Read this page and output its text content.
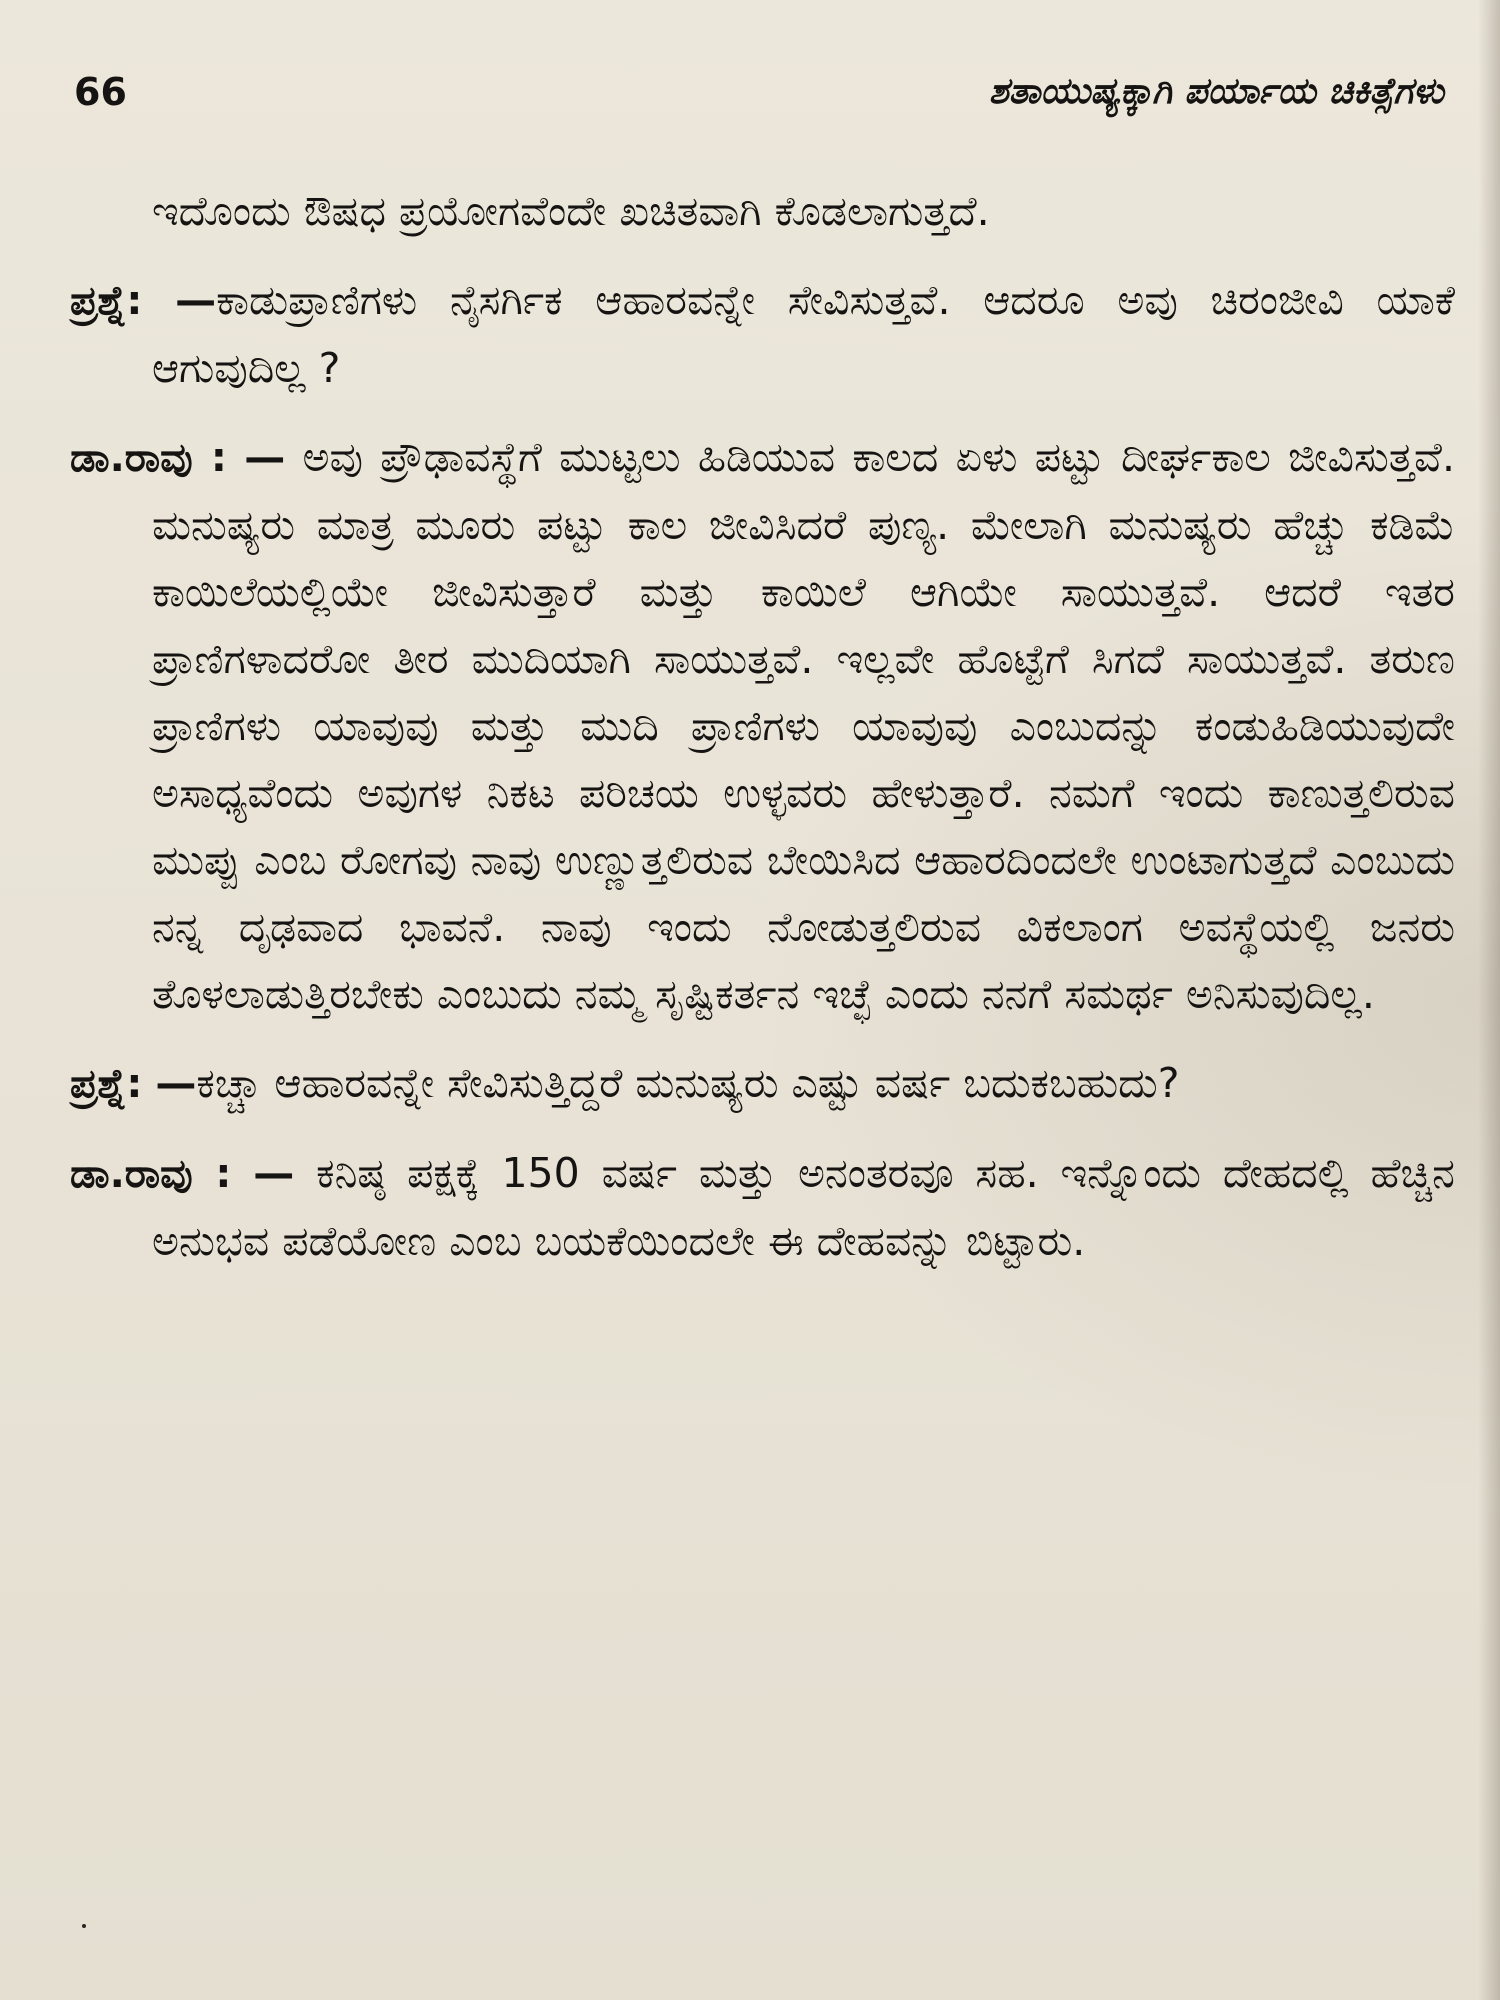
66	ಶತಾಯುಷ್ಯಕ್ಕಾಗಿ ಪರ್ಯಾಯ ಚಿಕಿತ್ಸೆಗಳು

ಇದೊಂದು ಔಷಧ ಪ್ರಯೋಗವೆಂದೇ ಖಚಿತವಾಗಿ ಕೊಡಲಾಗುತ್ತದೆ.

ಪ್ರಶ್ನೆ: —ಕಾಡುಪ್ರಾಣಿಗಳು ನೈಸರ್ಗಿಕ ಆಹಾರವನ್ನೇ ಸೇವಿಸುತ್ತವೆ. ಆದರೂ ಅವು ಚಿರಂಜೀವಿ ಯಾಕೆ ಆಗುವುದಿಲ್ಲ ?

ಡಾ.ರಾವು : — ಅವು ಪ್ರೌಢಾವಸ್ಥೆಗೆ ಮುಟ್ಟಲು ಹಿಡಿಯುವ ಕಾಲದ ಏಳು ಪಟ್ಟು ದೀರ್ಘಕಾಲ ಜೀವಿಸುತ್ತವೆ. ಮನುಷ್ಯರು ಮಾತ್ರ ಮೂರು ಪಟ್ಟು ಕಾಲ ಜೀವಿಸಿದರೆ ಪುಣ್ಯ. ಮೇಲಾಗಿ ಮನುಷ್ಯರು ಹೆಚ್ಚು ಕಡಿಮೆ ಕಾಯಿಲೆಯಲ್ಲಿಯೇ ಜೀವಿಸುತ್ತಾರೆ ಮತ್ತು ಕಾಯಿಲೆ ಆಗಿಯೇ ಸಾಯುತ್ತವೆ. ಆದರೆ ಇತರ ಪ್ರಾಣಿಗಳಾದರೋ ತೀರ ಮುದಿಯಾಗಿ ಸಾಯುತ್ತವೆ. ಇಲ್ಲವೇ ಹೊಟ್ಟೆಗೆ ಸಿಗದೆ ಸಾಯುತ್ತವೆ. ತರುಣ ಪ್ರಾಣಿಗಳು ಯಾವುವು ಮತ್ತು ಮುದಿ ಪ್ರಾಣಿಗಳು ಯಾವುವು ಎಂಬುದನ್ನು ಕಂಡುಹಿಡಿಯುವುದೇ ಅಸಾಧ್ಯವೆಂದು ಅವುಗಳ ನಿಕಟ ಪರಿಚಯ ಉಳ್ಳವರು ಹೇಳುತ್ತಾರೆ. ನಮಗೆ ಇಂದು ಕಾಣುತ್ತಲಿರುವ ಮುಪ್ಪು ಎಂಬ ರೋಗವು ನಾವು ಉಣ್ಣುತ್ತಲಿರುವ ಬೇಯಿಸಿದ ಆಹಾರದಿಂದಲೇ ಉಂಟಾಗುತ್ತದೆ ಎಂಬುದು ನನ್ನ ದೃಢವಾದ ಭಾವನೆ. ನಾವು ಇಂದು ನೋಡುತ್ತಲಿರುವ ವಿಕಲಾಂಗ ಅವಸ್ಥೆಯಲ್ಲಿ ಜನರು ತೊಳಲಾಡುತ್ತಿರಬೇಕು ಎಂಬುದು ನಮ್ಮ ಸೃಷ್ಟಿಕರ್ತನ ಇಚ್ಛೆ ಎಂದು ನನಗೆ ಸಮರ್ಥ ಅನಿಸುವುದಿಲ್ಲ.

ಪ್ರಶ್ನೆ: —ಕಚ್ಚಾ ಆಹಾರವನ್ನೇ ಸೇವಿಸುತ್ತಿದ್ದರೆ ಮನುಷ್ಯರು ಎಷ್ಟು ವರ್ಷ ಬದುಕಬಹುದು?

ಡಾ.ರಾವು : — ಕನಿಷ್ಠ ಪಕ್ಷಕ್ಕೆ 150 ವರ್ಷ ಮತ್ತು ಅನಂತರವೂ ಸಹ. ಇನ್ನೊಂದು ದೇಹದಲ್ಲಿ ಹೆಚ್ಚಿನ ಅನುಭವ ಪಡೆಯೋಣ ಎಂಬ ಬಯಕೆಯಿಂದಲೇ ಈ ದೇಹವನ್ನು ಬಿಟ್ಟಾರು.
